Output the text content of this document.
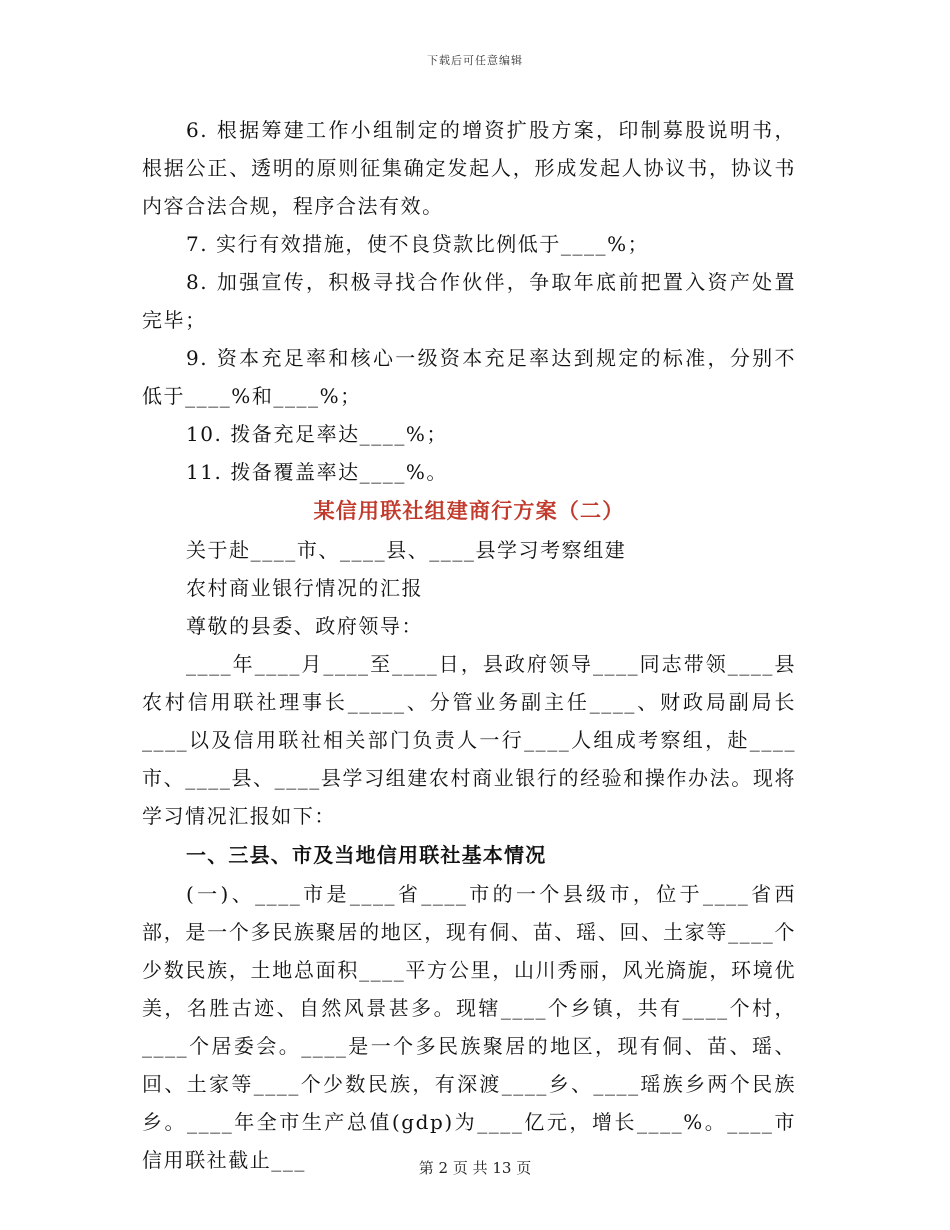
下载后可任意编辑

6. 根据筹建工作小组制定的增资扩股方案，印制募股说明书，根据公正、透明的原则征集确定发起人，形成发起人协议书，协议书内容合法合规，程序合法有效。

7. 实行有效措施，使不良贷款比例低于____%；

8. 加强宣传，积极寻找合作伙伴，争取年底前把置入资产处置完毕；

9. 资本充足率和核心一级资本充足率达到规定的标准，分别不低于____%和____%；

10. 拨备充足率达____%；

11. 拨备覆盖率达____%。

某信用联社组建商行方案（二）

关于赴____市、____县、____县学习考察组建

农村商业银行情况的汇报

尊敬的县委、政府领导：

____年____月____至____日，县政府领导____同志带领____县农村信用联社理事长_____、分管业务副主任____、财政局副局长____以及信用联社相关部门负责人一行____人组成考察组，赴____市、____县、____县学习组建农村商业银行的经验和操作办法。现将学习情况汇报如下：

一、三县、市及当地信用联社基本情况

(一)、____市是____省____市的一个县级市，位于____省西部，是一个多民族聚居的地区，现有侗、苗、瑶、回、土家等____个少数民族，土地总面积____平方公里，山川秀丽，风光旖旎，环境优美，名胜古迹、自然风景甚多。现辖____个乡镇，共有____个村，____个居委会。____是一个多民族聚居的地区，现有侗、苗、瑶、回、土家等____个少数民族，有深渡____乡、____瑶族乡两个民族乡。____年全市生产总值(gdp)为____亿元，增长____%。____市信用联社截止___	第 2 页 共 13 页
